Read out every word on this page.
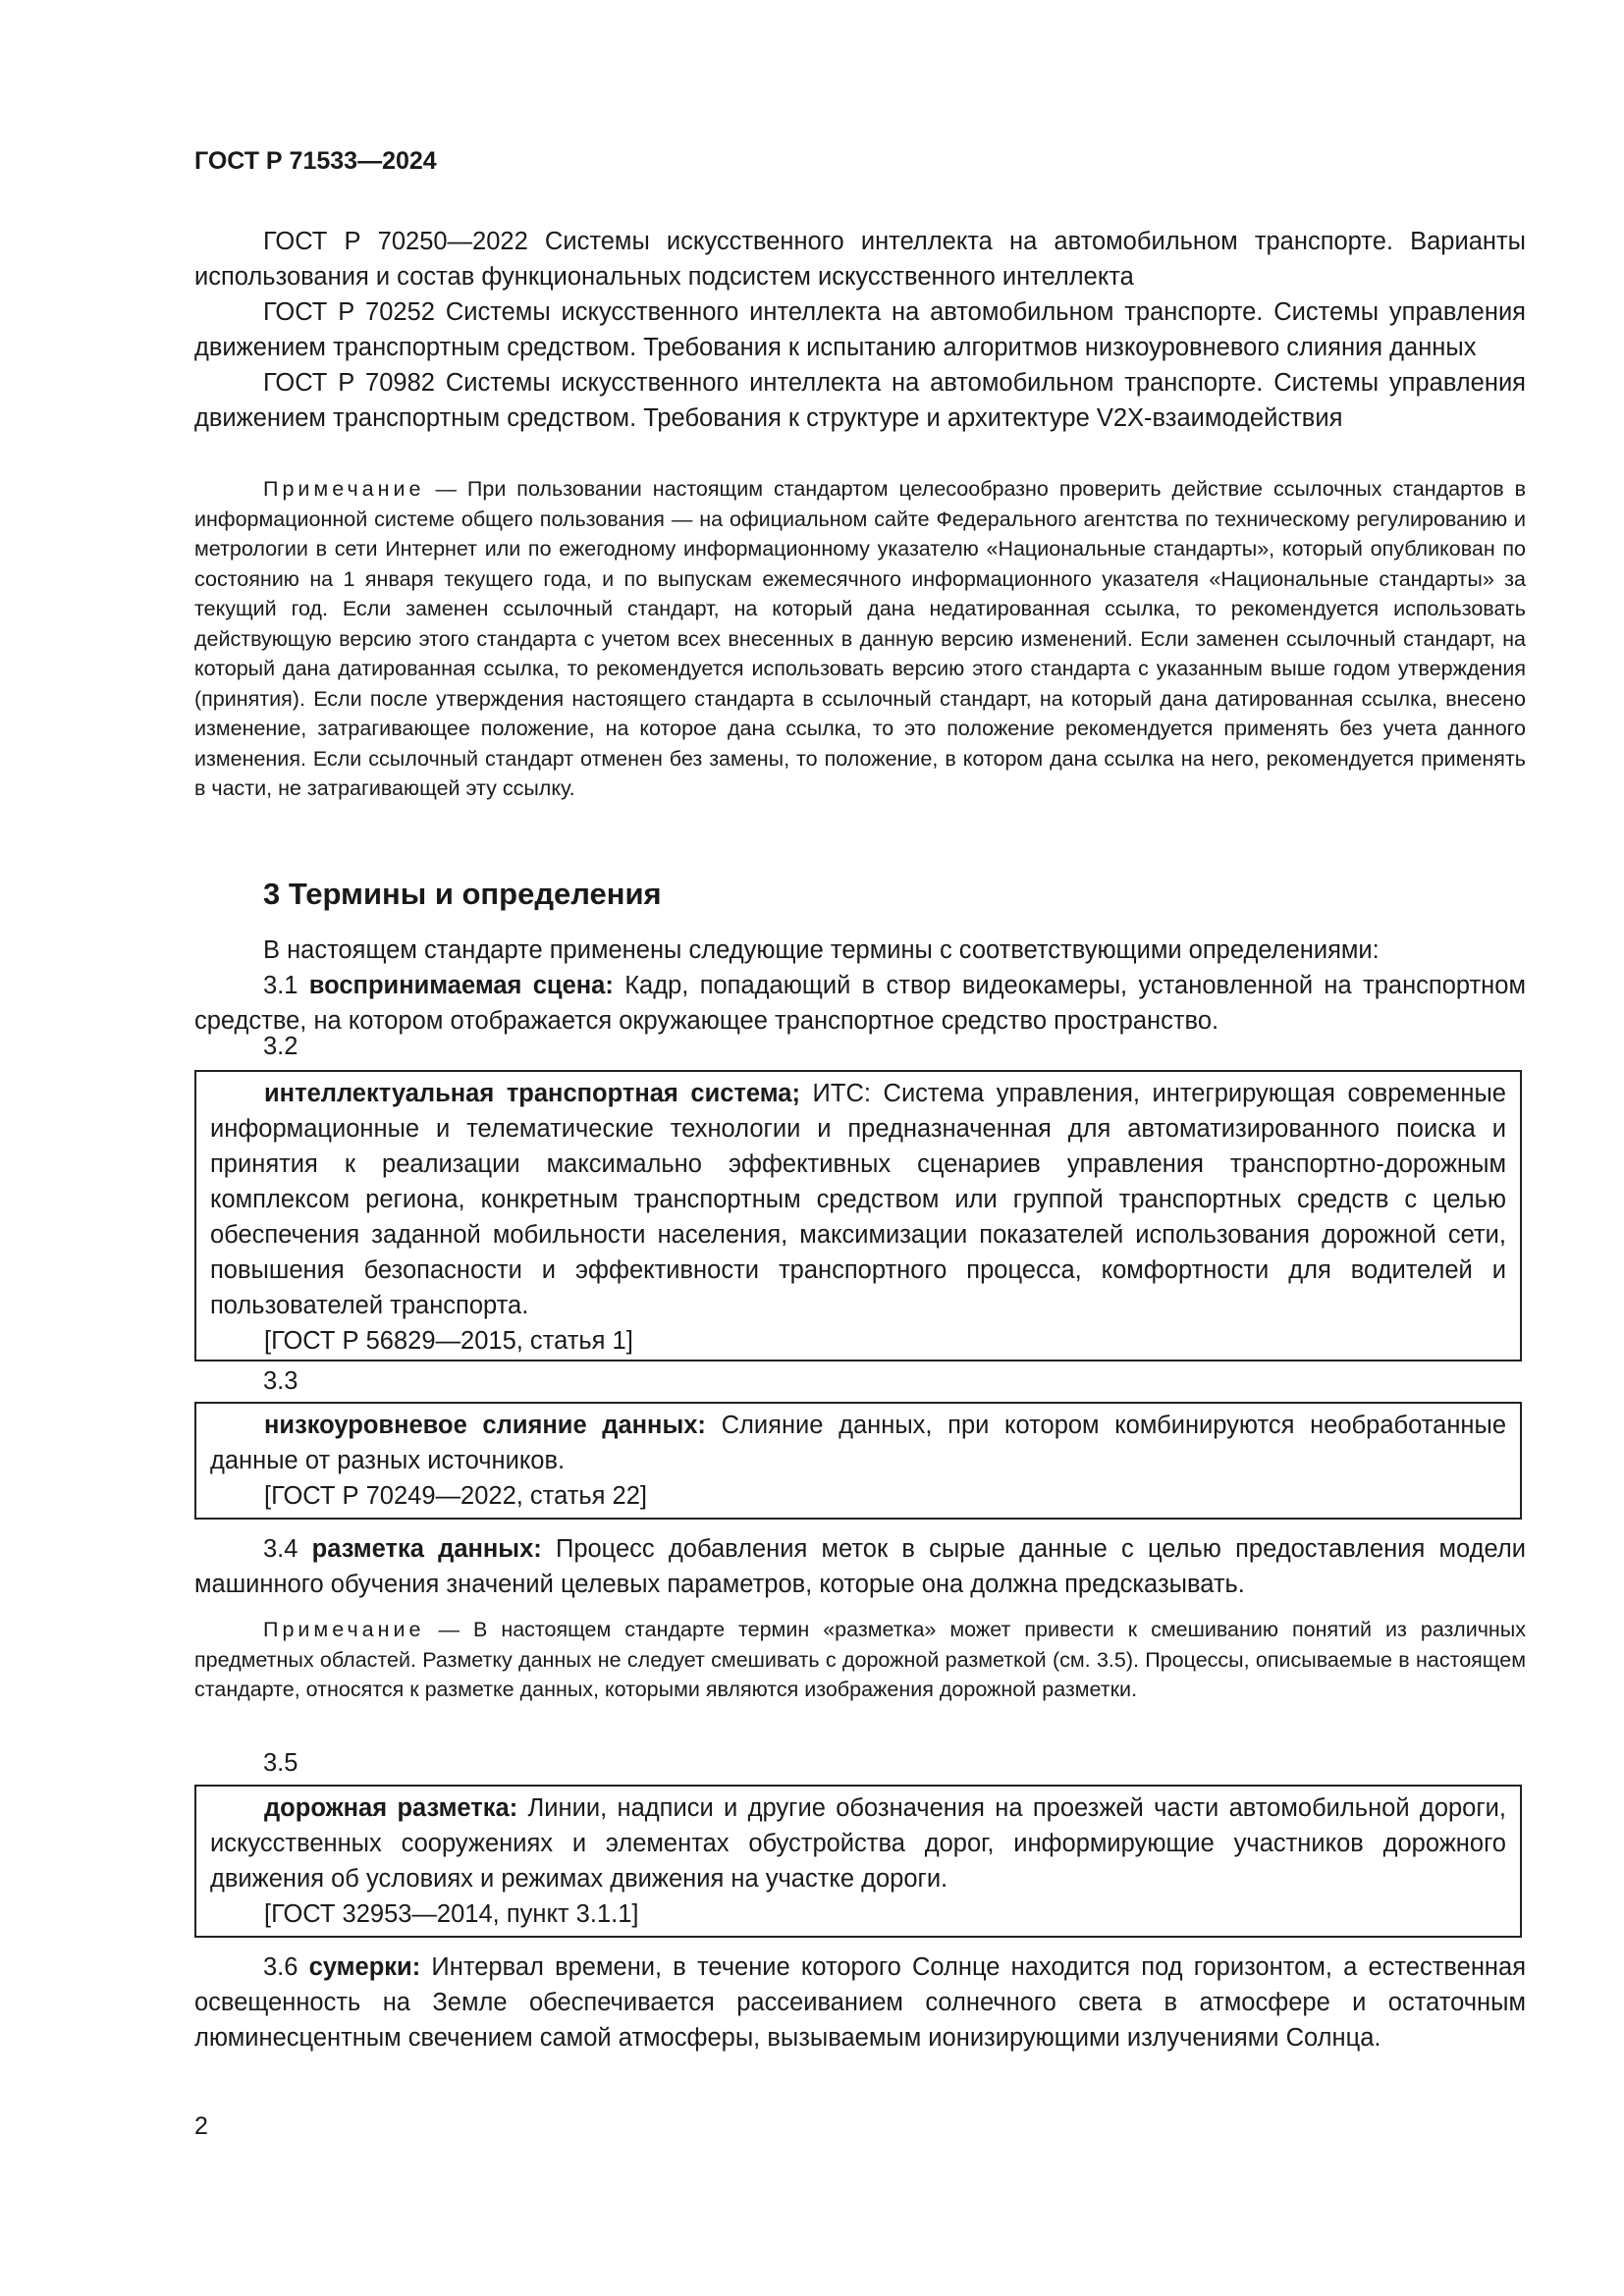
ГОСТ Р 71533—2024

ГОСТ Р 70250—2022 Системы искусственного интеллекта на автомобильном транспорте. Варианты использования и состав функциональных подсистем искусственного интеллекта

ГОСТ Р 70252 Системы искусственного интеллекта на автомобильном транспорте. Системы управления движением транспортным средством. Требования к испытанию алгоритмов низкоуровневого слияния данных

ГОСТ Р 70982 Системы искусственного интеллекта на автомобильном транспорте. Системы управления движением транспортным средством. Требования к структуре и архитектуре V2X-взаимодействия

Примечание — При пользовании настоящим стандартом целесообразно проверить действие ссылочных стандартов в информационной системе общего пользования — на официальном сайте Федерального агентства по техническому регулированию и метрологии в сети Интернет или по ежегодному информационному указателю «Национальные стандарты», который опубликован по состоянию на 1 января текущего года, и по выпускам ежемесячного информационного указателя «Национальные стандарты» за текущий год. Если заменен ссылочный стандарт, на который дана недатированная ссылка, то рекомендуется использовать действующую версию этого стандарта с учетом всех внесенных в данную версию изменений. Если заменен ссылочный стандарт, на который дана датированная ссылка, то рекомендуется использовать версию этого стандарта с указанным выше годом утверждения (принятия). Если после утверждения настоящего стандарта в ссылочный стандарт, на который дана датированная ссылка, внесено изменение, затрагивающее положение, на которое дана ссылка, то это положение рекомендуется применять без учета данного изменения. Если ссылочный стандарт отменен без замены, то положение, в котором дана ссылка на него, рекомендуется применять в части, не затрагивающей эту ссылку.

3 Термины и определения

В настоящем стандарте применены следующие термины с соответствующими определениями:

3.1 воспринимаемая сцена: Кадр, попадающий в створ видеокамеры, установленной на транспортном средстве, на котором отображается окружающее транспортное средство пространство.

3.2

интеллектуальная транспортная система; ИТС: Система управления, интегрирующая современные информационные и телематические технологии и предназначенная для автоматизированного поиска и принятия к реализации максимально эффективных сценариев управления транспортно-дорожным комплексом региона, конкретным транспортным средством или группой транспортных средств с целью обеспечения заданной мобильности населения, максимизации показателей использования дорожной сети, повышения безопасности и эффективности транспортного процесса, комфортности для водителей и пользователей транспорта.

[ГОСТ Р 56829—2015, статья 1]
3.3

низкоуровневое слияние данных: Слияние данных, при котором комбинируются необработанные данные от разных источников.

[ГОСТ Р 70249—2022, статья 22]

3.4 разметка данных: Процесс добавления меток в сырые данные с целью предоставления модели машинного обучения значений целевых параметров, которые она должна предсказывать.

Примечание — В настоящем стандарте термин «разметка» может привести к смешиванию понятий из различных предметных областей. Разметку данных не следует смешивать с дорожной разметкой (см. 3.5). Процессы, описываемые в настоящем стандарте, относятся к разметке данных, которыми являются изображения дорожной разметки.

3.5

дорожная разметка: Линии, надписи и другие обозначения на проезжей части автомобильной дороги, искусственных сооружениях и элементах обустройства дорог, информирующие участников дорожного движения об условиях и режимах движения на участке дороги.

[ГОСТ 32953—2014, пункт 3.1.1]

3.6 сумерки: Интервал времени, в течение которого Солнце находится под горизонтом, а естественная освещенность на Земле обеспечивается рассеиванием солнечного света в атмосфере и остаточным люминесцентным свечением самой атмосферы, вызываемым ионизирующими излучениями Солнца.

2
